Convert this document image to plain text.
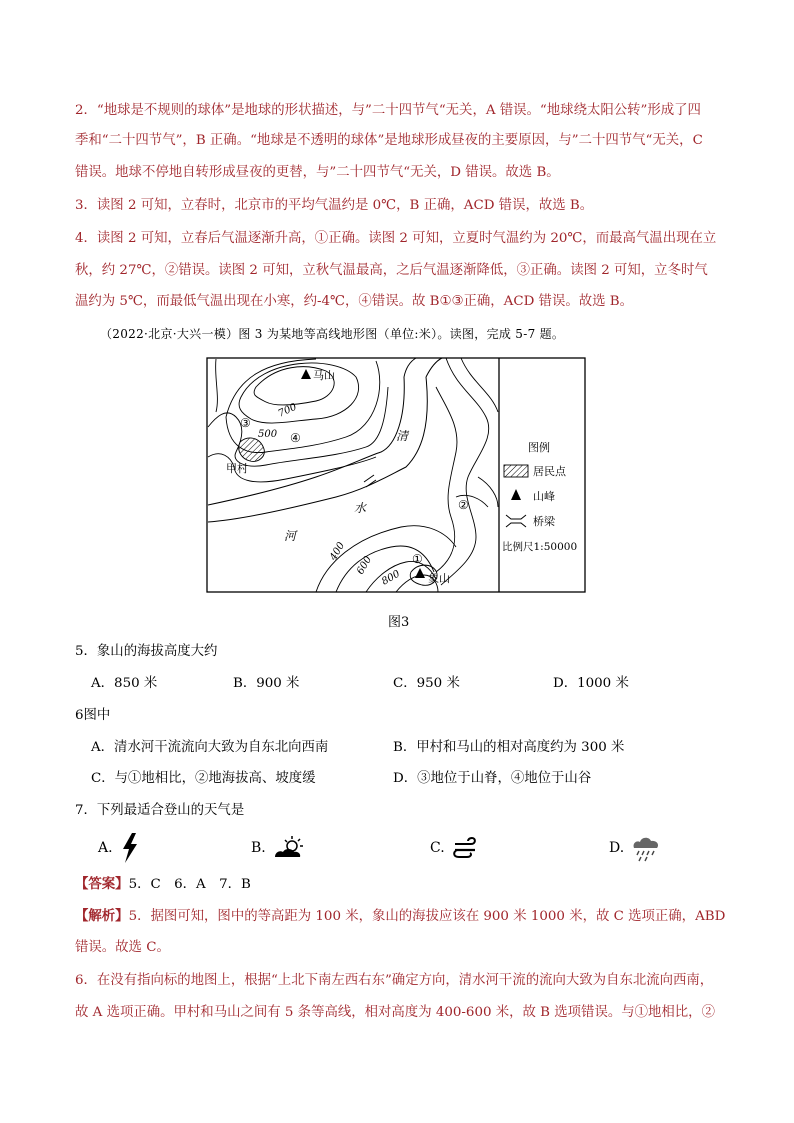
2．“地球是不规则的球体”是地球的形状描述，与”二十四节气“无关，A 错误。“地球绕太阳公转”形成了四
季和“二十四节气”，B 正确。“地球是不透明的球体”是地球形成昼夜的主要原因，与”二十四节气“无关，C
错误。地球不停地自转形成昼夜的更替，与”二十四节气“无关，D 错误。故选 B。
3．读图 2 可知，立春时，北京市的平均气温约是 0℃，B 正确，ACD 错误，故选 B。
4．读图 2 可知，立春后气温逐渐升高，①正确。读图 2 可知，立夏时气温约为 20℃，而最高气温出现在立
秋，约 27℃，②错误。读图 2 可知，立秋气温最高，之后气温逐渐降低，③正确。读图 2 可知，立冬时气
温约为 5℃，而最低气温出现在小寒，约-4℃，④错误。故 B①③正确，ACD 错误。故选 B。
（2022·北京·大兴一模）图 3 为某地等高线地形图（单位:米）。读图，完成 5-7 题。
马山
象山
甲村
清
水
河
700
500
400
600
800
①
②
③
④
图例
居民点
山峰
桥梁
比例尺1:50000
图3
5．象山的海拔高度大约
A．850 米	B．900 米	C．950 米	D．1000 米
6图中
A．清水河干流流向大致为自东北向西南	B．甲村和马山的相对高度约为 300 米
C．与①地相比，②地海拔高、坡度缓	D．③地位于山脊，④地位于山谷
7．下列最适合登山的天气是
A.	B.	C.	D.
【答案】5．C　6．A　7．B
【解析】5．据图可知，图中的等高距为 100 米，象山的海拔应该在 900 米 1000 米，故 C 选项正确，ABD
错误。故选 C。
6．在没有指向标的地图上，根据“上北下南左西右东”确定方向，清水河干流的流向大致为自东北流向西南，
故 A 选项正确。甲村和马山之间有 5 条等高线，相对高度为 400-600 米，故 B 选项错误。与①地相比，②
